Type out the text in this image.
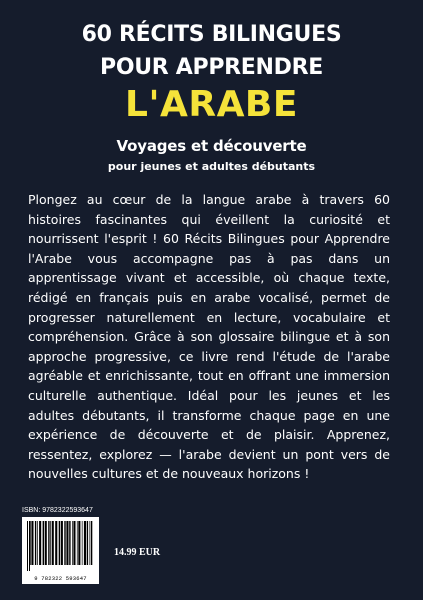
60 RÉCITS BILINGUES
POUR APPRENDRE
L'ARABE
Voyages et découverte
pour jeunes et adultes débutants
Plongez au cœur de la langue arabe à travers 60 histoires fascinantes qui éveillent la curiosité et nourrissent l'esprit ! 60 Récits Bilingues pour Apprendre l'Arabe vous accompagne pas à pas dans un apprentissage vivant et accessible, où chaque texte, rédigé en français puis en arabe vocalisé, permet de progresser naturellement en lecture, vocabulaire et compréhension. Grâce à son glossaire bilingue et à son approche progressive, ce livre rend l'étude de l'arabe agréable et enrichissante, tout en offrant une immersion culturelle authentique. Idéal pour les jeunes et les adultes débutants, il transforme chaque page en une expérience de découverte et de plaisir. Apprenez, ressentez, explorez — l'arabe devient un pont vers de nouvelles cultures et de nouveaux horizons !
ISBN: 9782322593647
9 782322 593647
14.99 EUR
